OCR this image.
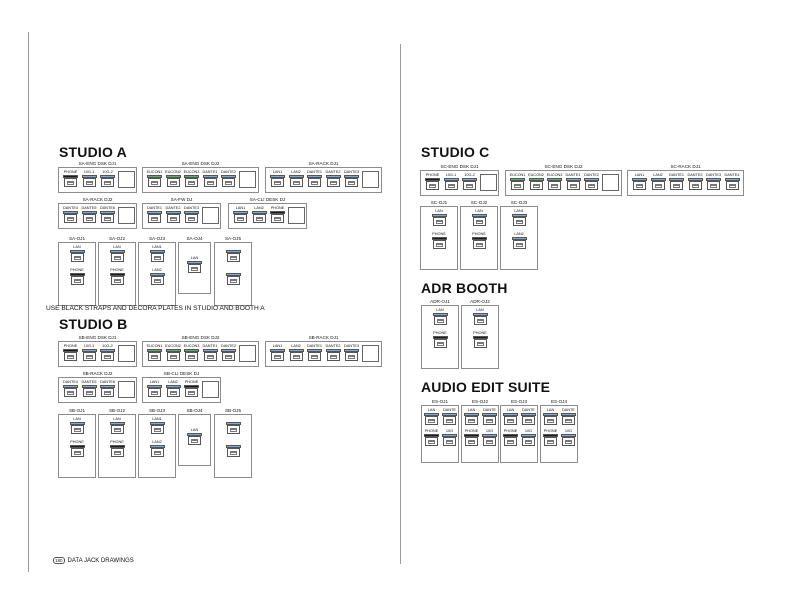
STUDIO A
SA-ENG DSK DJ1
PHONE	10G-1	10G-2
SA-ENG DSK DJ2
EUCON1 EUCON2 EUCON3 DANTE1 DANTE2
SA-RACK DJ1
LAN1	LAN2	DANTE1 DANTE2 DANTE3
SA-RACK DJ2
DANTE4 DANTE5 DANTE6
SA-FW DJ
DANTE1 DANTE2 DANTE3
SA-CLI DESK DJ
LAN1	LAN2	PHONE
SA-OJ1
LAN
PHONE
SA-OJ2
LAN
PHONE
SA-OJ3
LAN1
LAN2
SA-OJ4
LAN
SA-OJ5
USE BLACK STRAPS AND DECORA PLATES IN STUDIO AND BOOTH A
STUDIO B
SB-ENG DSK DJ1
PHONE	10G-1	10G-2
SB-ENG DSK DJ2
EUCON1 EUCON2 EUCON3 DANTE1 DANTE2
SB-RACK DJ1
LAN1	LAN2	DANTE1 DANTE2 DANTE3
SB-RACK DJ2
DANTE4 DANTE5 DANTE6
SB-CLI DESK DJ
LAN1	LAN2	PHONE
SB-OJ1
LAN
PHONE
SB-OJ2
LAN
PHONE
SB-OJ3
LAN1
LAN2
SB-OJ4
LAN
SB-OJ5
STUDIO C
SC-ENG DSK DJ1
PHONE	10G-1	10G-2
SC-ENG DSK DJ2
EUCON1 EUCON2 EUCON3 DANTE1 DANTE2
SC-RACK DJ1
LAN1	LAN2	DANTE1 DANTE2 DANTE3 DANTE4
SC-OJ1
LAN
PHONE
SC-OJ2
LAN
PHONE
SC-OJ3
LAN1
LAN2
ADR BOOTH
ADR-OJ1
LAN
PHONE
ADR-OJ2
LAN
PHONE
AUDIO EDIT SUITE
ES-OJ1
LAN	DANTE
PHONE	10G
ES-OJ2
LAN	DANTE
PHONE	10G
ES-OJ3
LAN	DANTE
PHONE	10G
ES-OJ4
LAN	DANTE
PHONE	10G
180 DATA JACK DRAWINGS
